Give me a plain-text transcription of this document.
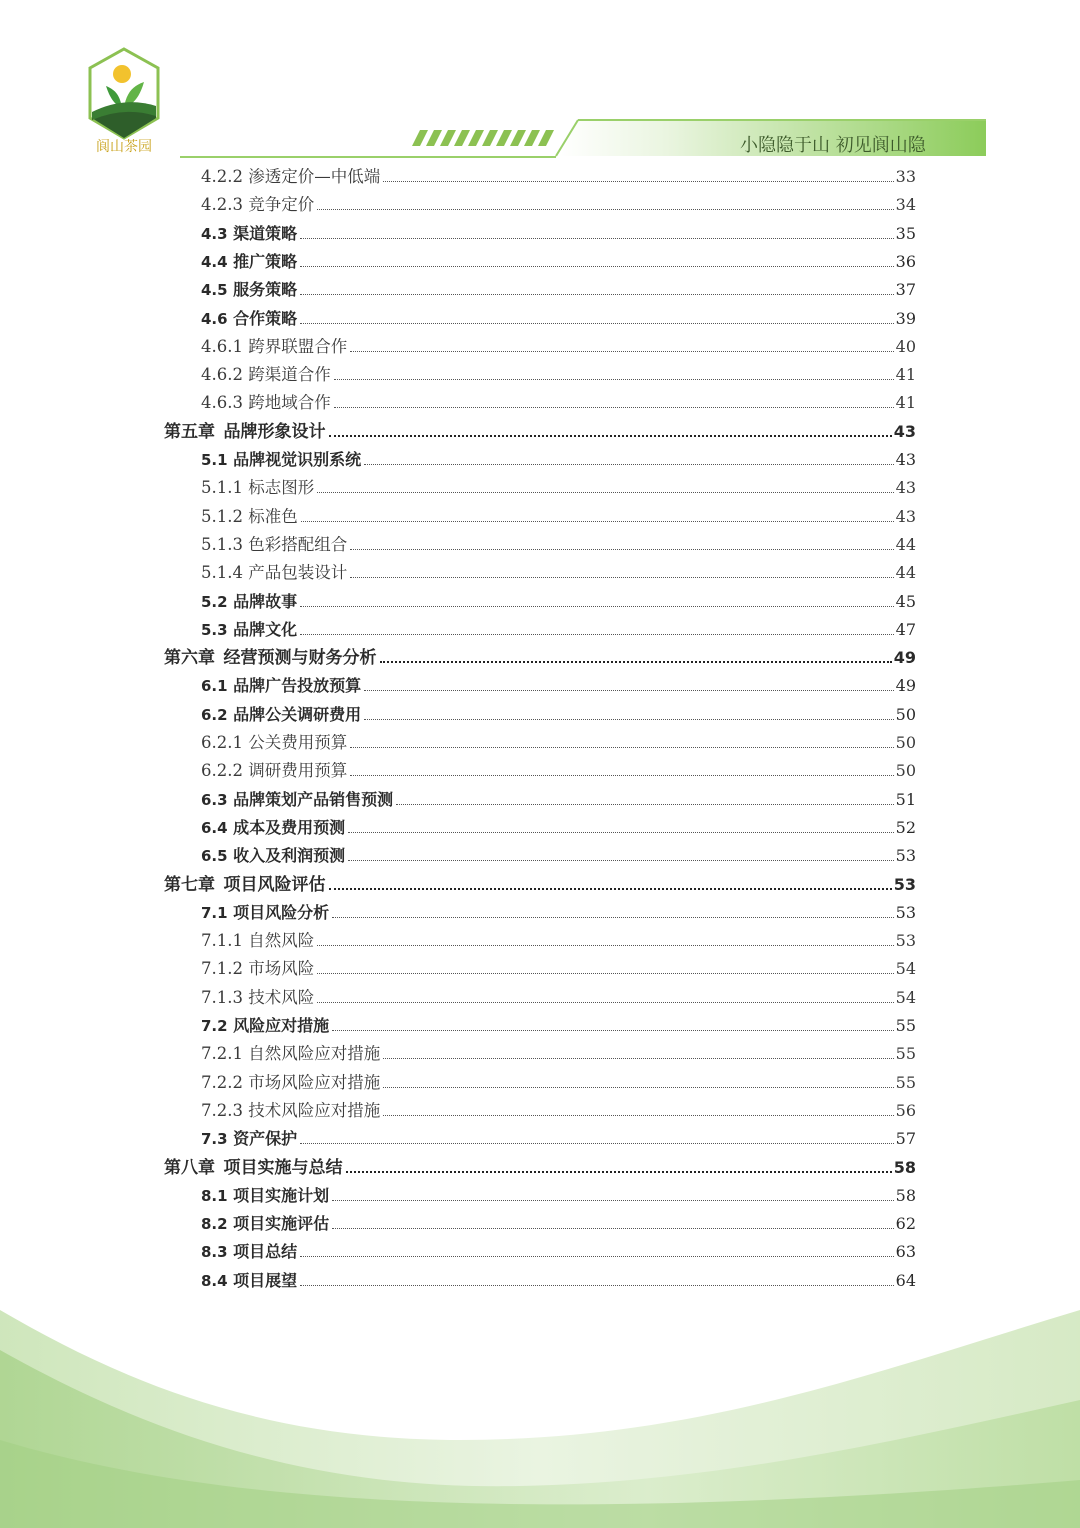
阆山茶园	小隐隐于山 初见阆山隐
4.2.2 渗透定价—中低端	33
4.2.3 竞争定价	34
4.3 渠道策略	35
4.4 推广策略	36
4.5 服务策略	37
4.6 合作策略	39
4.6.1 跨界联盟合作	40
4.6.2 跨渠道合作	41
4.6.3 跨地域合作	41
第五章  品牌形象设计	43
5.1 品牌视觉识别系统	43
5.1.1 标志图形	43
5.1.2 标准色	43
5.1.3 色彩搭配组合	44
5.1.4 产品包装设计	44
5.2 品牌故事	45
5.3 品牌文化	47
第六章  经营预测与财务分析	49
6.1 品牌广告投放预算	49
6.2 品牌公关调研费用	50
6.2.1 公关费用预算	50
6.2.2 调研费用预算	50
6.3 品牌策划产品销售预测	51
6.4 成本及费用预测	52
6.5 收入及利润预测	53
第七章  项目风险评估	53
7.1 项目风险分析	53
7.1.1 自然风险	53
7.1.2 市场风险	54
7.1.3 技术风险	54
7.2 风险应对措施	55
7.2.1 自然风险应对措施	55
7.2.2 市场风险应对措施	55
7.2.3 技术风险应对措施	56
7.3 资产保护	57
第八章  项目实施与总结	58
8.1 项目实施计划	58
8.2 项目实施评估	62
8.3 项目总结	63
8.4 项目展望	64
